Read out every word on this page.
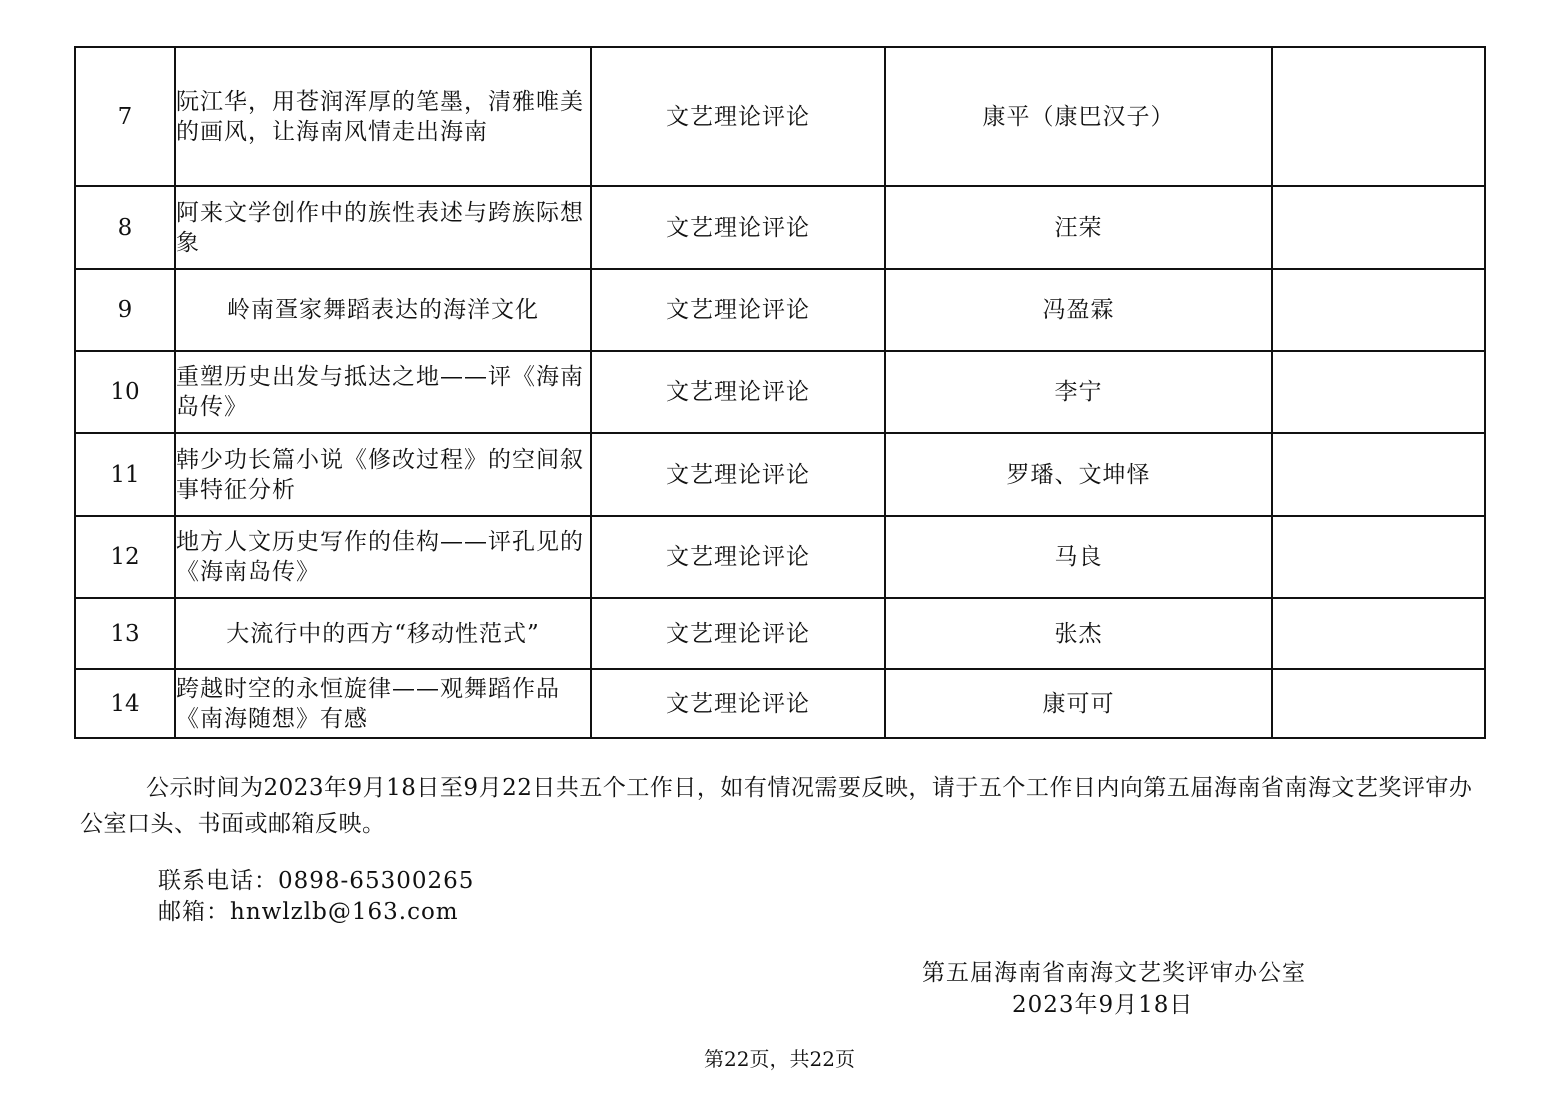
7	阮江华，用苍润浑厚的笔墨，清雅唯美的画风，让海南风情走出海南	文艺理论评论	康平（康巴汉子）	
8	阿来文学创作中的族性表述与跨族际想象	文艺理论评论	汪荣	
9	岭南疍家舞蹈表达的海洋文化	文艺理论评论	冯盈霖	
10	重塑历史出发与抵达之地——评《海南岛传》	文艺理论评论	李宁	
11	韩少功长篇小说《修改过程》的空间叙事特征分析	文艺理论评论	罗璠、文坤怿	
12	地方人文历史写作的佳构——评孔见的《海南岛传》	文艺理论评论	马良	
13	大流行中的西方“移动性范式”	文艺理论评论	张杰	
14	跨越时空的永恒旋律——观舞蹈作品《南海随想》有感	文艺理论评论	康可可	
公示时间为2023年9月18日至9月22日共五个工作日，如有情况需要反映，请于五个工作日内向第五届海南省南海文艺奖评审办公室口头、书面或邮箱反映。
联系电话：0898-65300265
邮箱：hnwlzlb@163.com
第五届海南省南海文艺奖评审办公室
2023年9月18日
第22页，共22页
